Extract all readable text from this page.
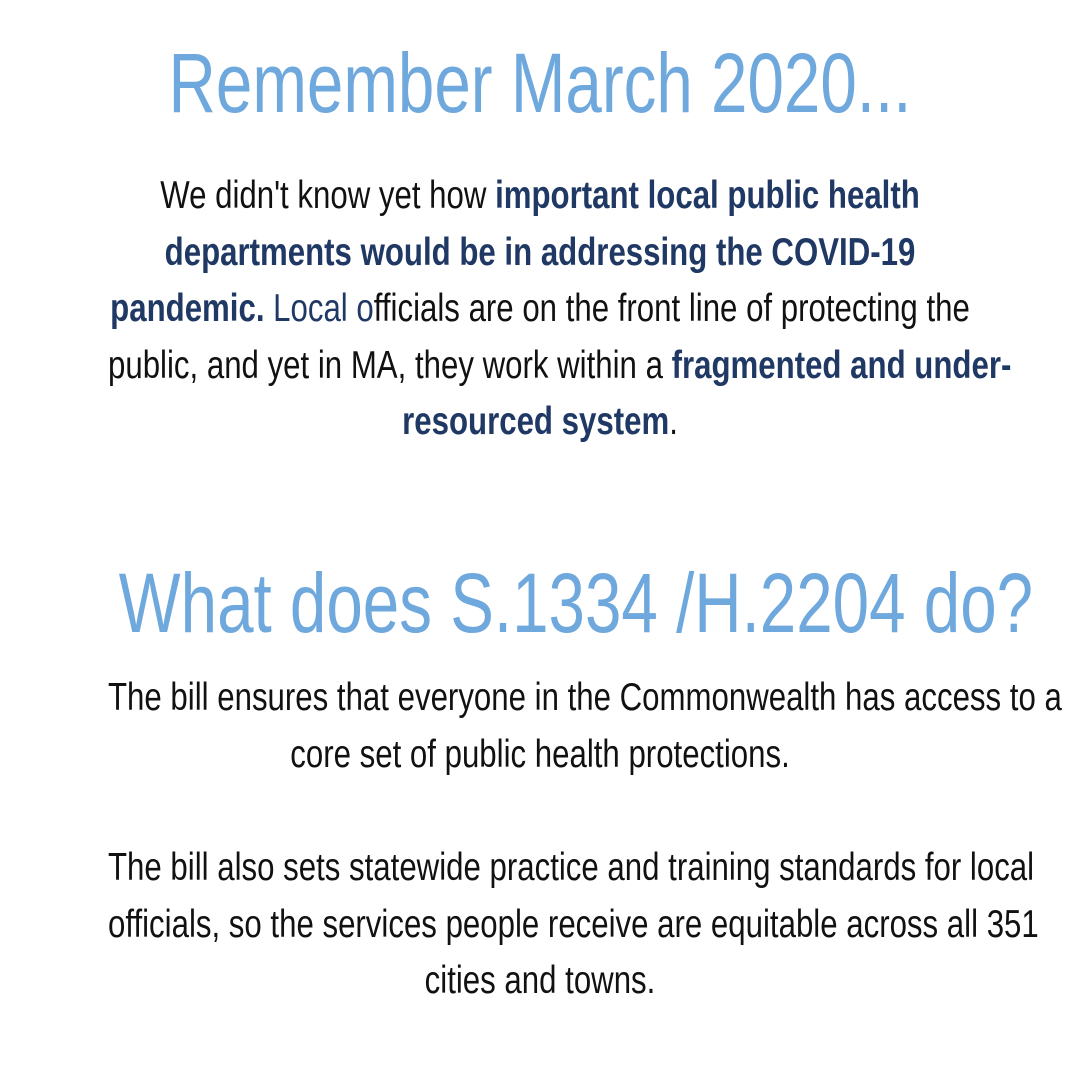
Remember March 2020...

We didn't know yet how important local public health
departments would be in addressing the COVID-19
pandemic. Local officials are on the front line of protecting the
public, and yet in MA, they work within a fragmented and under-
resourced system.

What does S.1334 /H.2204 do?

The bill ensures that everyone in the Commonwealth has access to a
core set of public health protections.

The bill also sets statewide practice and training standards for local
officials, so the services people receive are equitable across all 351
cities and towns.
